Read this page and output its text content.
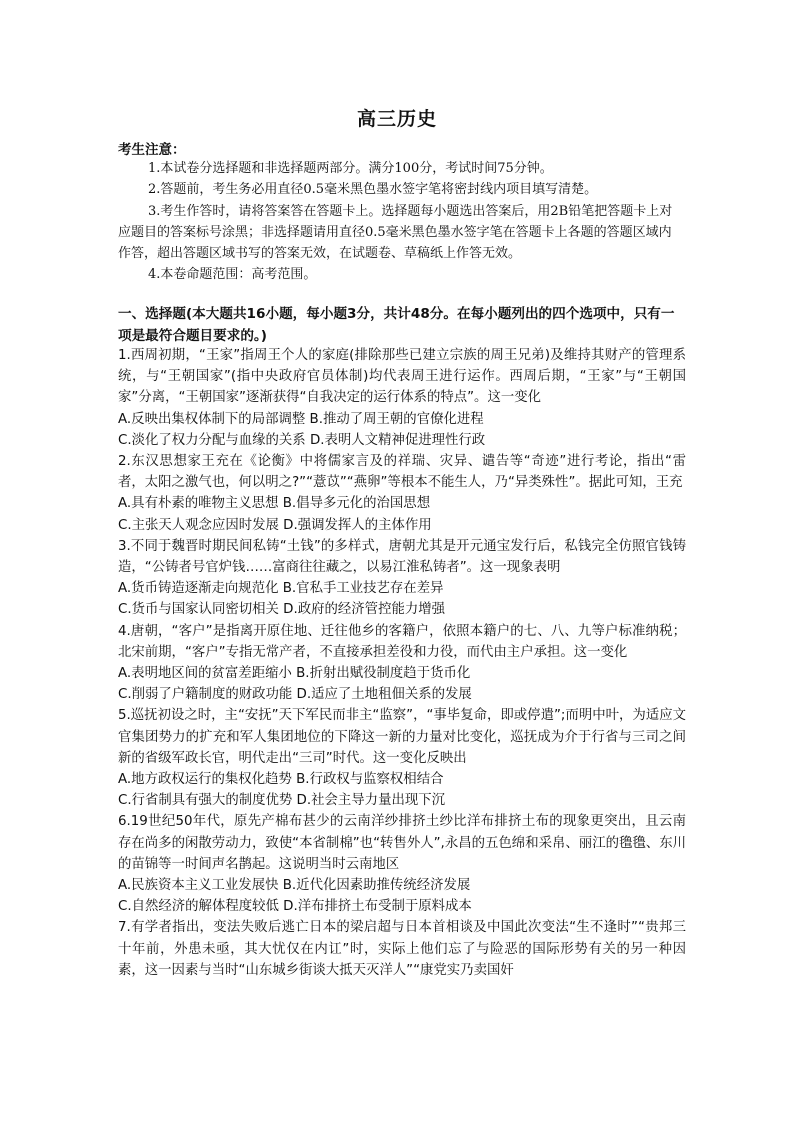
高三历史
考生注意：

1.本试卷分选择题和非选择题两部分。满分100分，考试时间75分钟。

2.答题前，考生务必用直径0.5毫米黑色墨水签字笔将密封线内项目填写清楚。

3.考生作答时，请将答案答在答题卡上。选择题每小题选出答案后，用2B铅笔把答题卡上对应题目的答案标号涂黑；非选择题请用直径0.5毫米黑色墨水签字笔在答题卡上各题的答题区域内作答，超出答题区域书写的答案无效，在试题卷、草稿纸上作答无效。

4.本卷命题范围：高考范围。

一、选择题(本大题共16小题，每小题3分，共计48分。在每小题列出的四个选项中，只有一项是最符合题目要求的。)

1.西周初期，“王家”指周王个人的家庭(排除那些已建立宗族的周王兄弟)及维持其财产的管理系统，与“王朝国家”(指中央政府官员体制)均代表周王进行运作。西周后期，“王家”与“王朝国家”分离，“王朝国家”逐渐获得“自我决定的运行体系的特点”。这一变化

A.反映出集权体制下的局部调整 B.推动了周王朝的官僚化进程

C.淡化了权力分配与血缘的关系 D.表明人文精神促进理性行政

2.东汉思想家王充在《论衡》中将儒家言及的祥瑞、灾异、谴告等“奇迹”进行考论，指出“雷者，太阳之激气也，何以明之?”“薏苡”“燕卵”等根本不能生人，乃“异类殊性”。据此可知，王充

A.具有朴素的唯物主义思想 B.倡导多元化的治国思想

C.主张天人观念应因时发展 D.强调发挥人的主体作用

3.不同于魏晋时期民间私铸“土钱”的多样式，唐朝尤其是开元通宝发行后，私钱完全仿照官钱铸造，“公铸者号官炉钱……富商往往藏之，以易江淮私铸者”。这一现象表明

A.货币铸造逐渐走向规范化 B.官私手工业技艺存在差异

C.货币与国家认同密切相关 D.政府的经济管控能力增强

4.唐朝，“客户”是指离开原住地、迁往他乡的客籍户，依照本籍户的七、八、九等户标准纳税；北宋前期，“客户”专指无常产者，不直接承担差役和力役，而代由主户承担。这一变化

A.表明地区间的贫富差距缩小 B.折射出赋役制度趋于货币化

C.削弱了户籍制度的财政功能 D.适应了土地租佃关系的发展

5.巡抚初设之时，主“安抚”天下军民而非主“监察”，“事毕复命，即或停遣”;而明中叶，为适应文官集团势力的扩充和军人集团地位的下降这一新的力量对比变化，巡抚成为介于行省与三司之间新的省级军政长官，明代走出“三司”时代。这一变化反映出

A.地方政权运行的集权化趋势 B.行政权与监察权相结合

C.行省制具有强大的制度优势 D.社会主导力量出现下沉

6.19世纪50年代，原先产棉布甚少的云南洋纱排挤土纱比洋布排挤土布的现象更突出，且云南存在尚多的闲散劳动力，致使“本省制棉”也“转售外人”,永昌的五色绵和采帛、丽江的氇氇、东川的苗锦等一时间声名鹊起。这说明当时云南地区

A.民族资本主义工业发展快 B.近代化因素助推传统经济发展

C.自然经济的解体程度较低 D.洋布排挤土布受制于原料成本

7.有学者指出，变法失败后逃亡日本的梁启超与日本首相谈及中国此次变法“生不逢时”“贵邦三十年前，外患未亟，其大忧仅在内讧”时，实际上他们忘了与险恶的国际形势有关的另一种因素，这一因素与当时“山东城乡街谈大抵天灭洋人”“康党实乃卖国奸
